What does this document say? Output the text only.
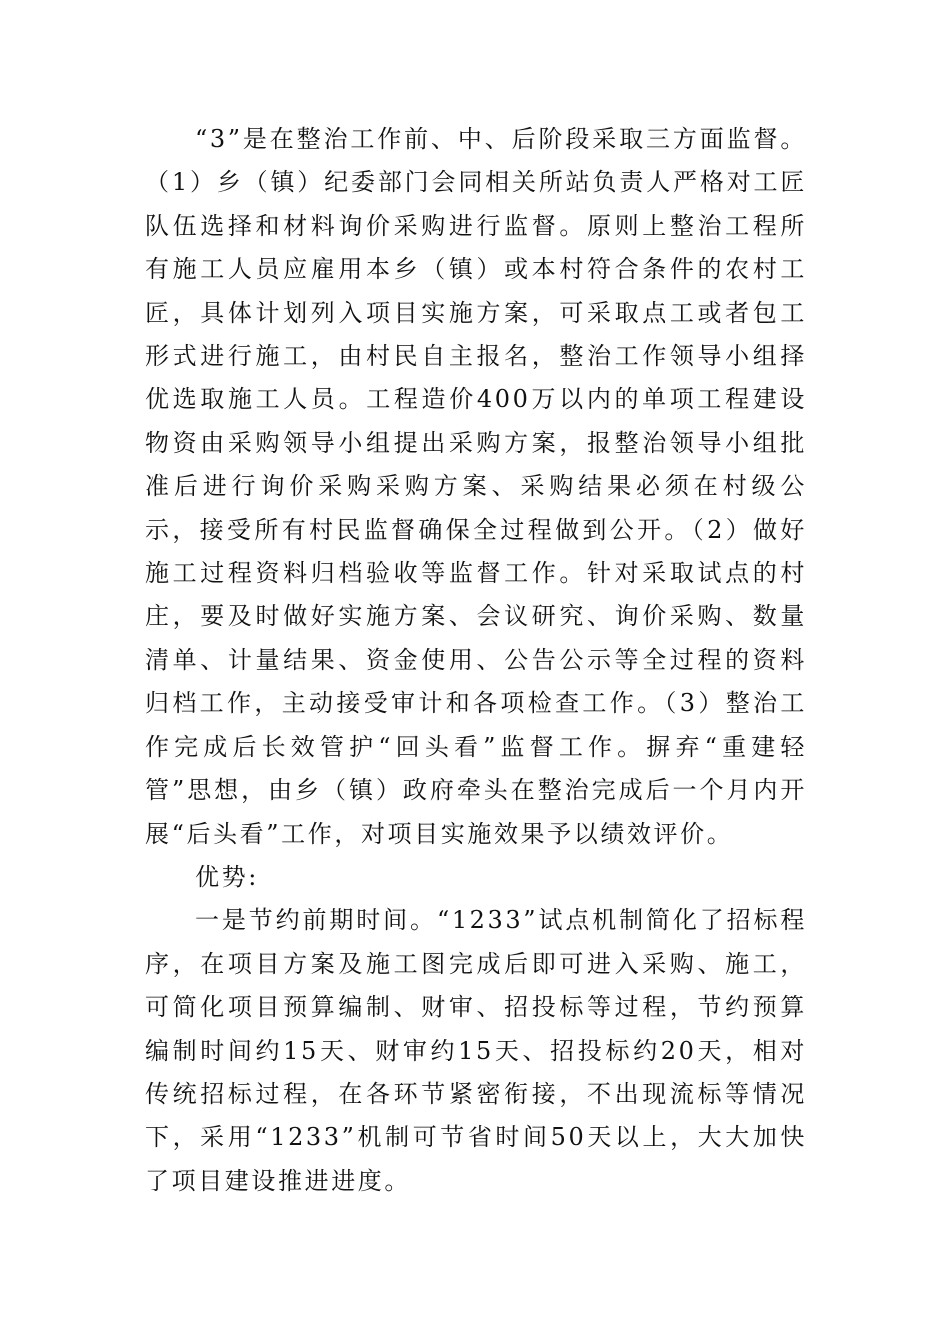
“3”是在整治工作前、中、后阶段采取三方面监督。（1）乡（镇）纪委部门会同相关所站负责人严格对工匠队伍选择和材料询价采购进行监督。原则上整治工程所有施工人员应雇用本乡（镇）或本村符合条件的农村工匠，具体计划列入项目实施方案，可采取点工或者包工形式进行施工，由村民自主报名，整治工作领导小组择优选取施工人员。工程造价400万以内的单项工程建设物资由采购领导小组提出采购方案，报整治领导小组批准后进行询价采购采购方案、采购结果必须在村级公示，接受所有村民监督确保全过程做到公开。（2）做好施工过程资料归档验收等监督工作。针对采取试点的村庄，要及时做好实施方案、会议研究、询价采购、数量清单、计量结果、资金使用、公告公示等全过程的资料归档工作，主动接受审计和各项检查工作。（3）整治工作完成后长效管护“回头看”监督工作。摒弃“重建轻管”思想，由乡（镇）政府牵头在整治完成后一个月内开展“后头看”工作，对项目实施效果予以绩效评价。

优势:

一是节约前期时间。“1233”试点机制简化了招标程序，在项目方案及施工图完成后即可进入采购、施工，可简化项目预算编制、财审、招投标等过程，节约预算编制时间约15天、财审约15天、招投标约20天，相对传统招标过程，在各环节紧密衔接，不出现流标等情况下，采用“1233”机制可节省时间50天以上，大大加快了项目建设推进进度。
